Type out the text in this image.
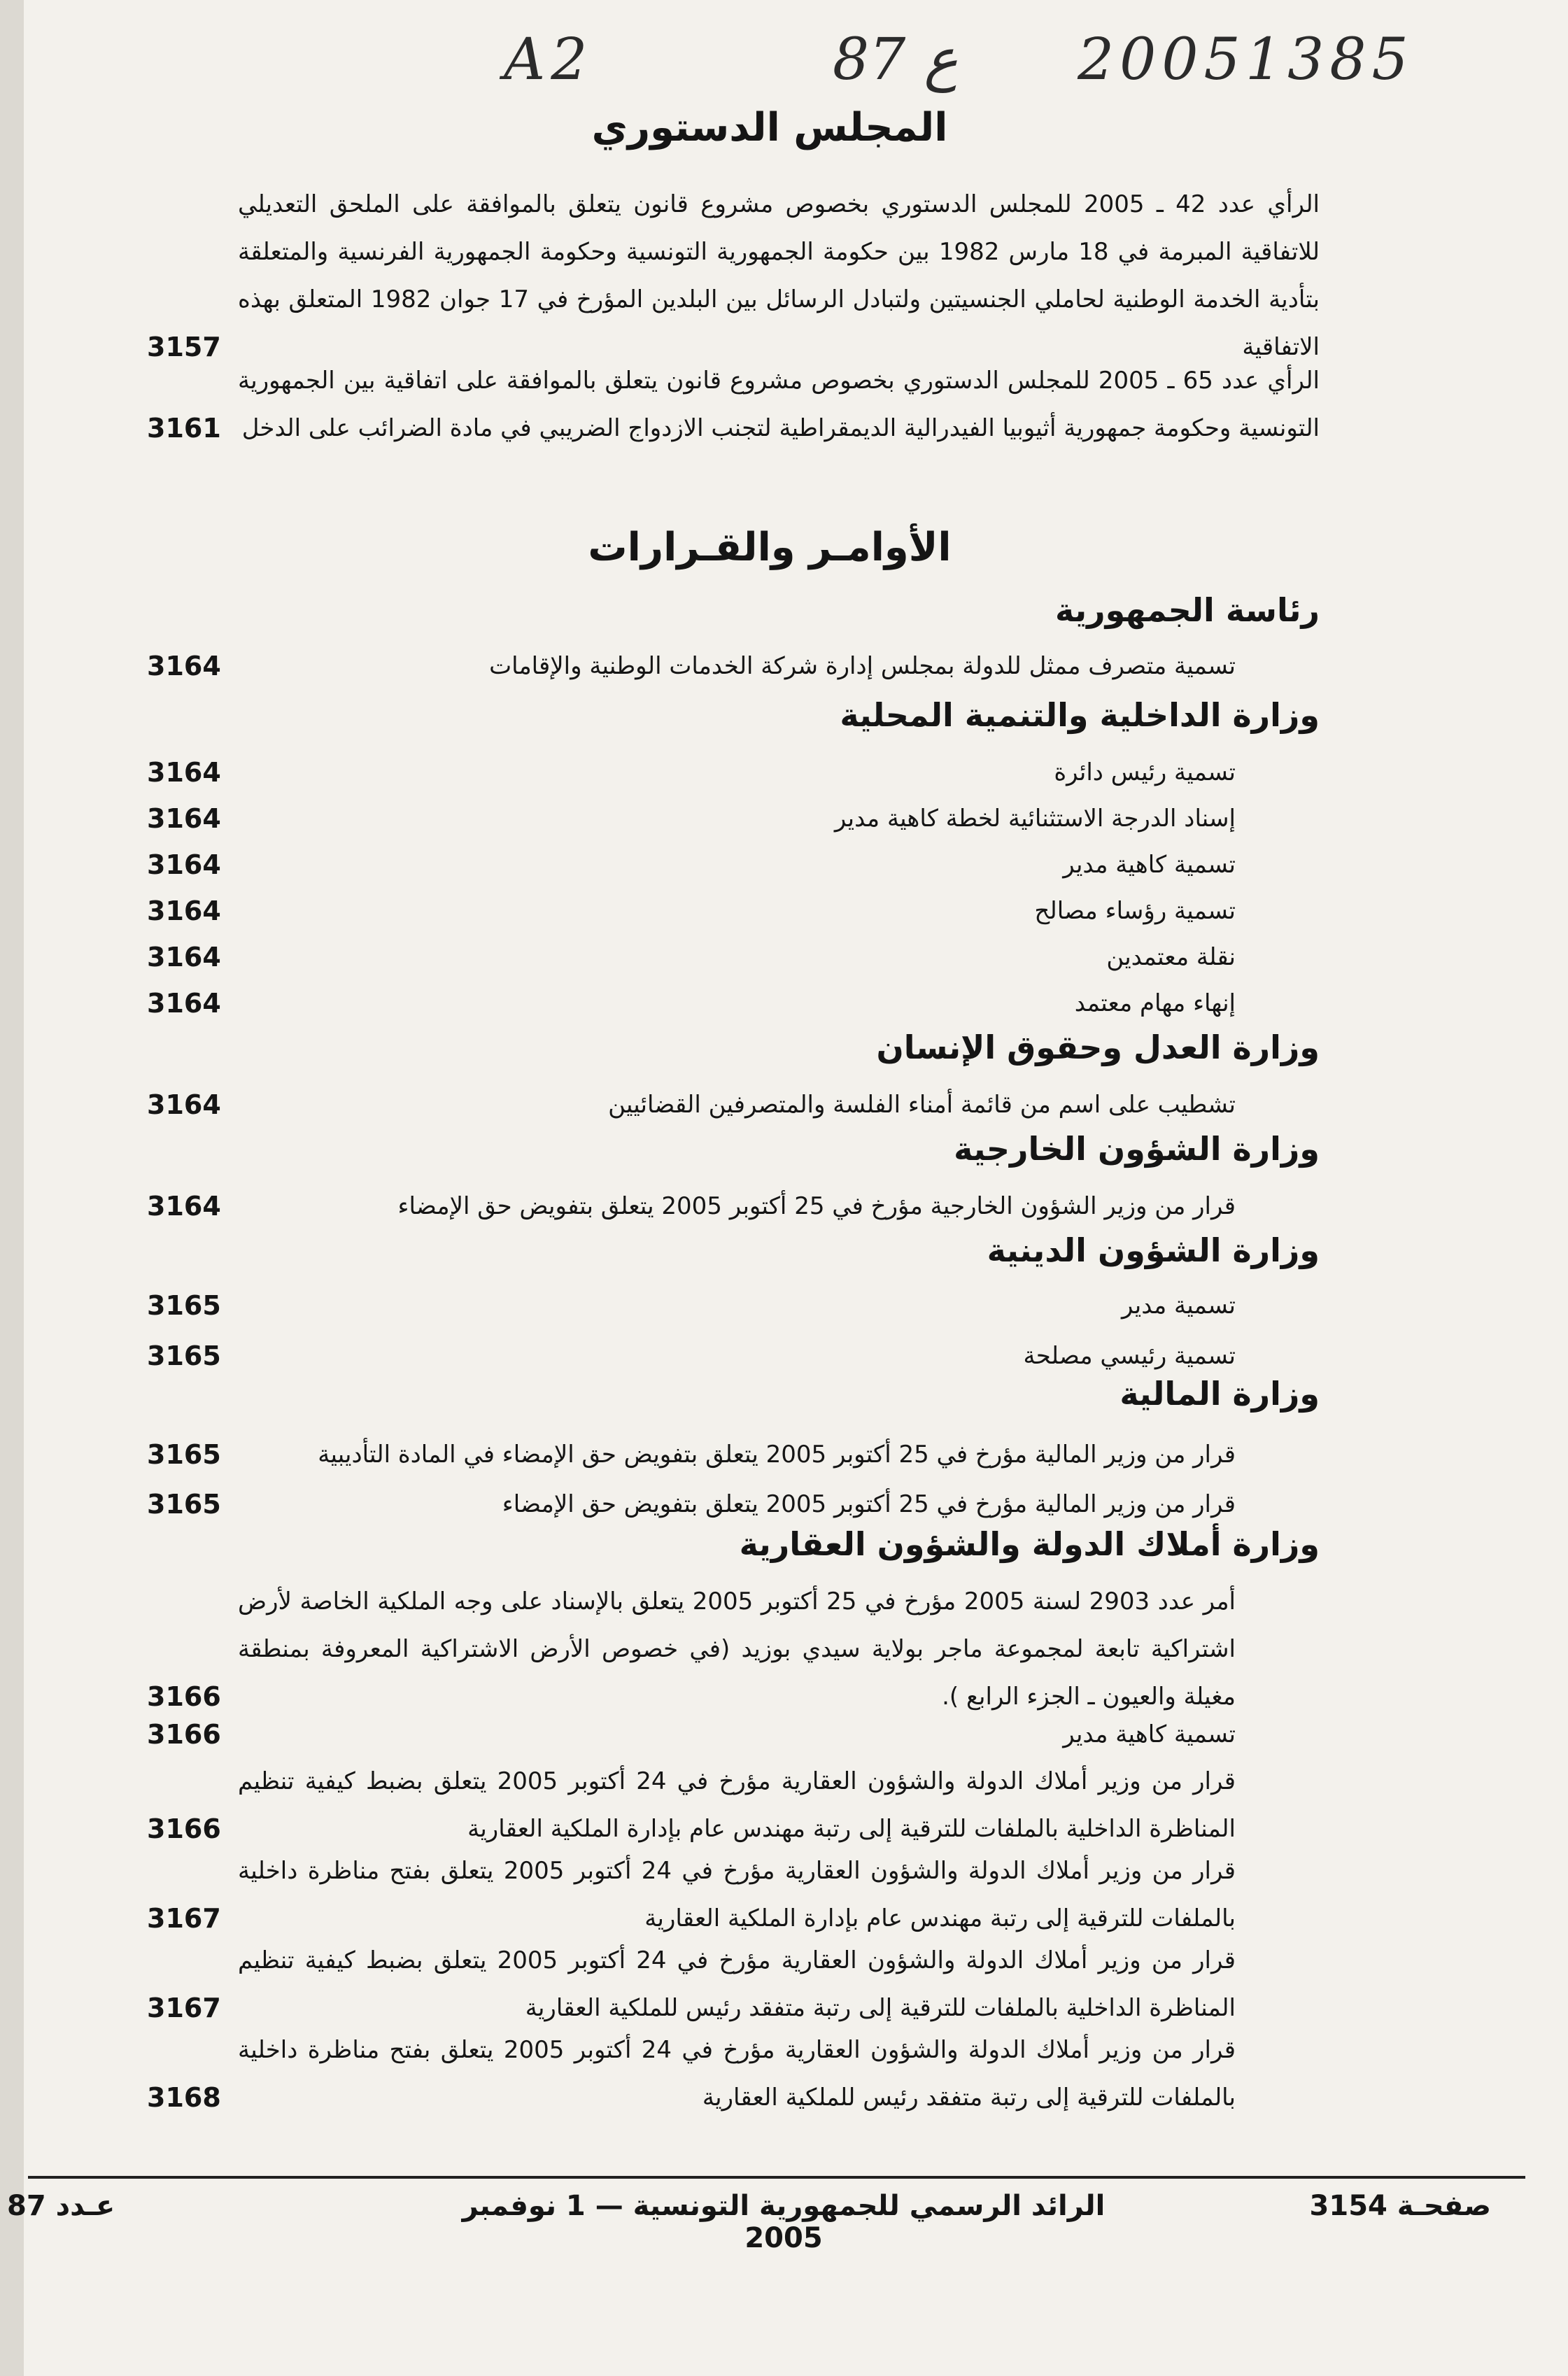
A2	87 ع 2005 1385
المجلس الدستوري

الرأي عدد 42 ـ 2005 للمجلس الدستوري بخصوص مشروع قانون يتعلق بالموافقة على الملحق التعديلي للاتفاقية المبرمة في 18 مارس 1982 بين حكومة الجمهورية التونسية وحكومة الجمهورية الفرنسية والمتعلقة بتأدية الخدمة الوطنية لحاملي الجنسيتين ولتبادل الرسائل بين البلدين المؤرخ في 17 جوان 1982 المتعلق بهذه الاتفاقية

3157

الرأي عدد 65 ـ 2005 للمجلس الدستوري بخصوص مشروع قانون يتعلق بالموافقة على اتفاقية بين الجمهورية التونسية وحكومة جمهورية أثيوبيا الفيدرالية الديمقراطية لتجنب الازدواج الضريبي في مادة الضرائب على الدخل

3161
الأوامـر والقـرارات
رئاسة الجمهورية

تسمية متصرف ممثل للدولة بمجلس إدارة شركة الخدمات الوطنية والإقامات

3164
وزارة الداخلية والتنمية المحلية

تسمية رئيس دائرة

3164

إسناد الدرجة الاستثنائية لخطة كاهية مدير

3164

تسمية كاهية مدير

3164

تسمية رؤساء مصالح

3164

نقلة معتمدين

3164

إنهاء مهام معتمد

3164
وزارة العدل وحقوق الإنسان

تشطيب على اسم من قائمة أمناء الفلسة والمتصرفين القضائيين

3164
وزارة الشؤون الخارجية

قرار من وزير الشؤون الخارجية مؤرخ في 25 أكتوبر 2005 يتعلق بتفويض حق الإمضاء

3164
وزارة الشؤون الدينية

تسمية مدير

3165

تسمية رئيسي مصلحة

3165
وزارة المالية

قرار من وزير المالية مؤرخ في 25 أكتوبر 2005 يتعلق بتفويض حق الإمضاء في المادة التأديبية

3165

قرار من وزير المالية مؤرخ في 25 أكتوبر 2005 يتعلق بتفويض حق الإمضاء

3165
وزارة أملاك الدولة والشؤون العقارية

أمر عدد 2903 لسنة 2005 مؤرخ في 25 أكتوبر 2005 يتعلق بالإسناد على وجه الملكية الخاصة لأرض اشتراكية تابعة لمجموعة ماجر بولاية سيدي بوزيد (في خصوص الأرض الاشتراكية المعروفة بمنطقة مغيلة والعيون ـ الجزء الرابع ).

3166

تسمية كاهية مدير

3166

قرار من وزير أملاك الدولة والشؤون العقارية مؤرخ في 24 أكتوبر 2005 يتعلق بضبط كيفية تنظيم المناظرة الداخلية بالملفات للترقية إلى رتبة مهندس عام بإدارة الملكية العقارية

3166

قرار من وزير أملاك الدولة والشؤون العقارية مؤرخ في 24 أكتوبر 2005 يتعلق بفتح مناظرة داخلية بالملفات للترقية إلى رتبة مهندس عام بإدارة الملكية العقارية

3167

قرار من وزير أملاك الدولة والشؤون العقارية مؤرخ في 24 أكتوبر 2005 يتعلق بضبط كيفية تنظيم المناظرة الداخلية بالملفات للترقية إلى رتبة متفقد رئيس للملكية العقارية

3167

قرار من وزير أملاك الدولة والشؤون العقارية مؤرخ في 24 أكتوبر 2005 يتعلق بفتح مناظرة داخلية بالملفات للترقية إلى رتبة متفقد رئيس للملكية العقارية

3168
صفحـة 3154
الرائد الرسمي للجمهورية التونسية — 1 نوفمبر 2005
عـدد 87
